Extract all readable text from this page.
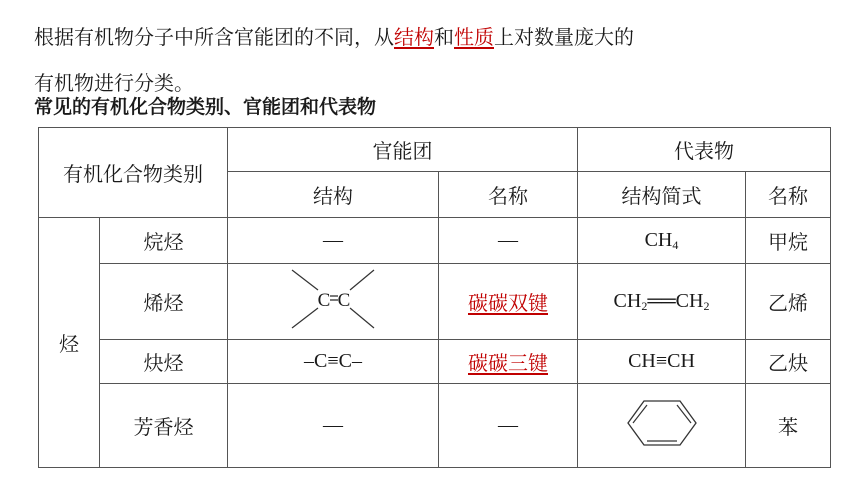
根据有机物分子中所含官能团的不同，从结构和性质上对数量庞大的
有机物进行分类。
常见的有机化合物类别、官能团和代表物
有机化合物类别		官能团		代表物	
		结构	名称	结构简式	名称
烃	烷烃	—	—	$CH_4$	甲烷
	烯烃	C C	碳碳双键	$CH_2══CH_2$	乙烯
	炔烃	–C≡C–	碳碳三键	CH≡CH	乙炔
	芳香烃	—	—		苯
